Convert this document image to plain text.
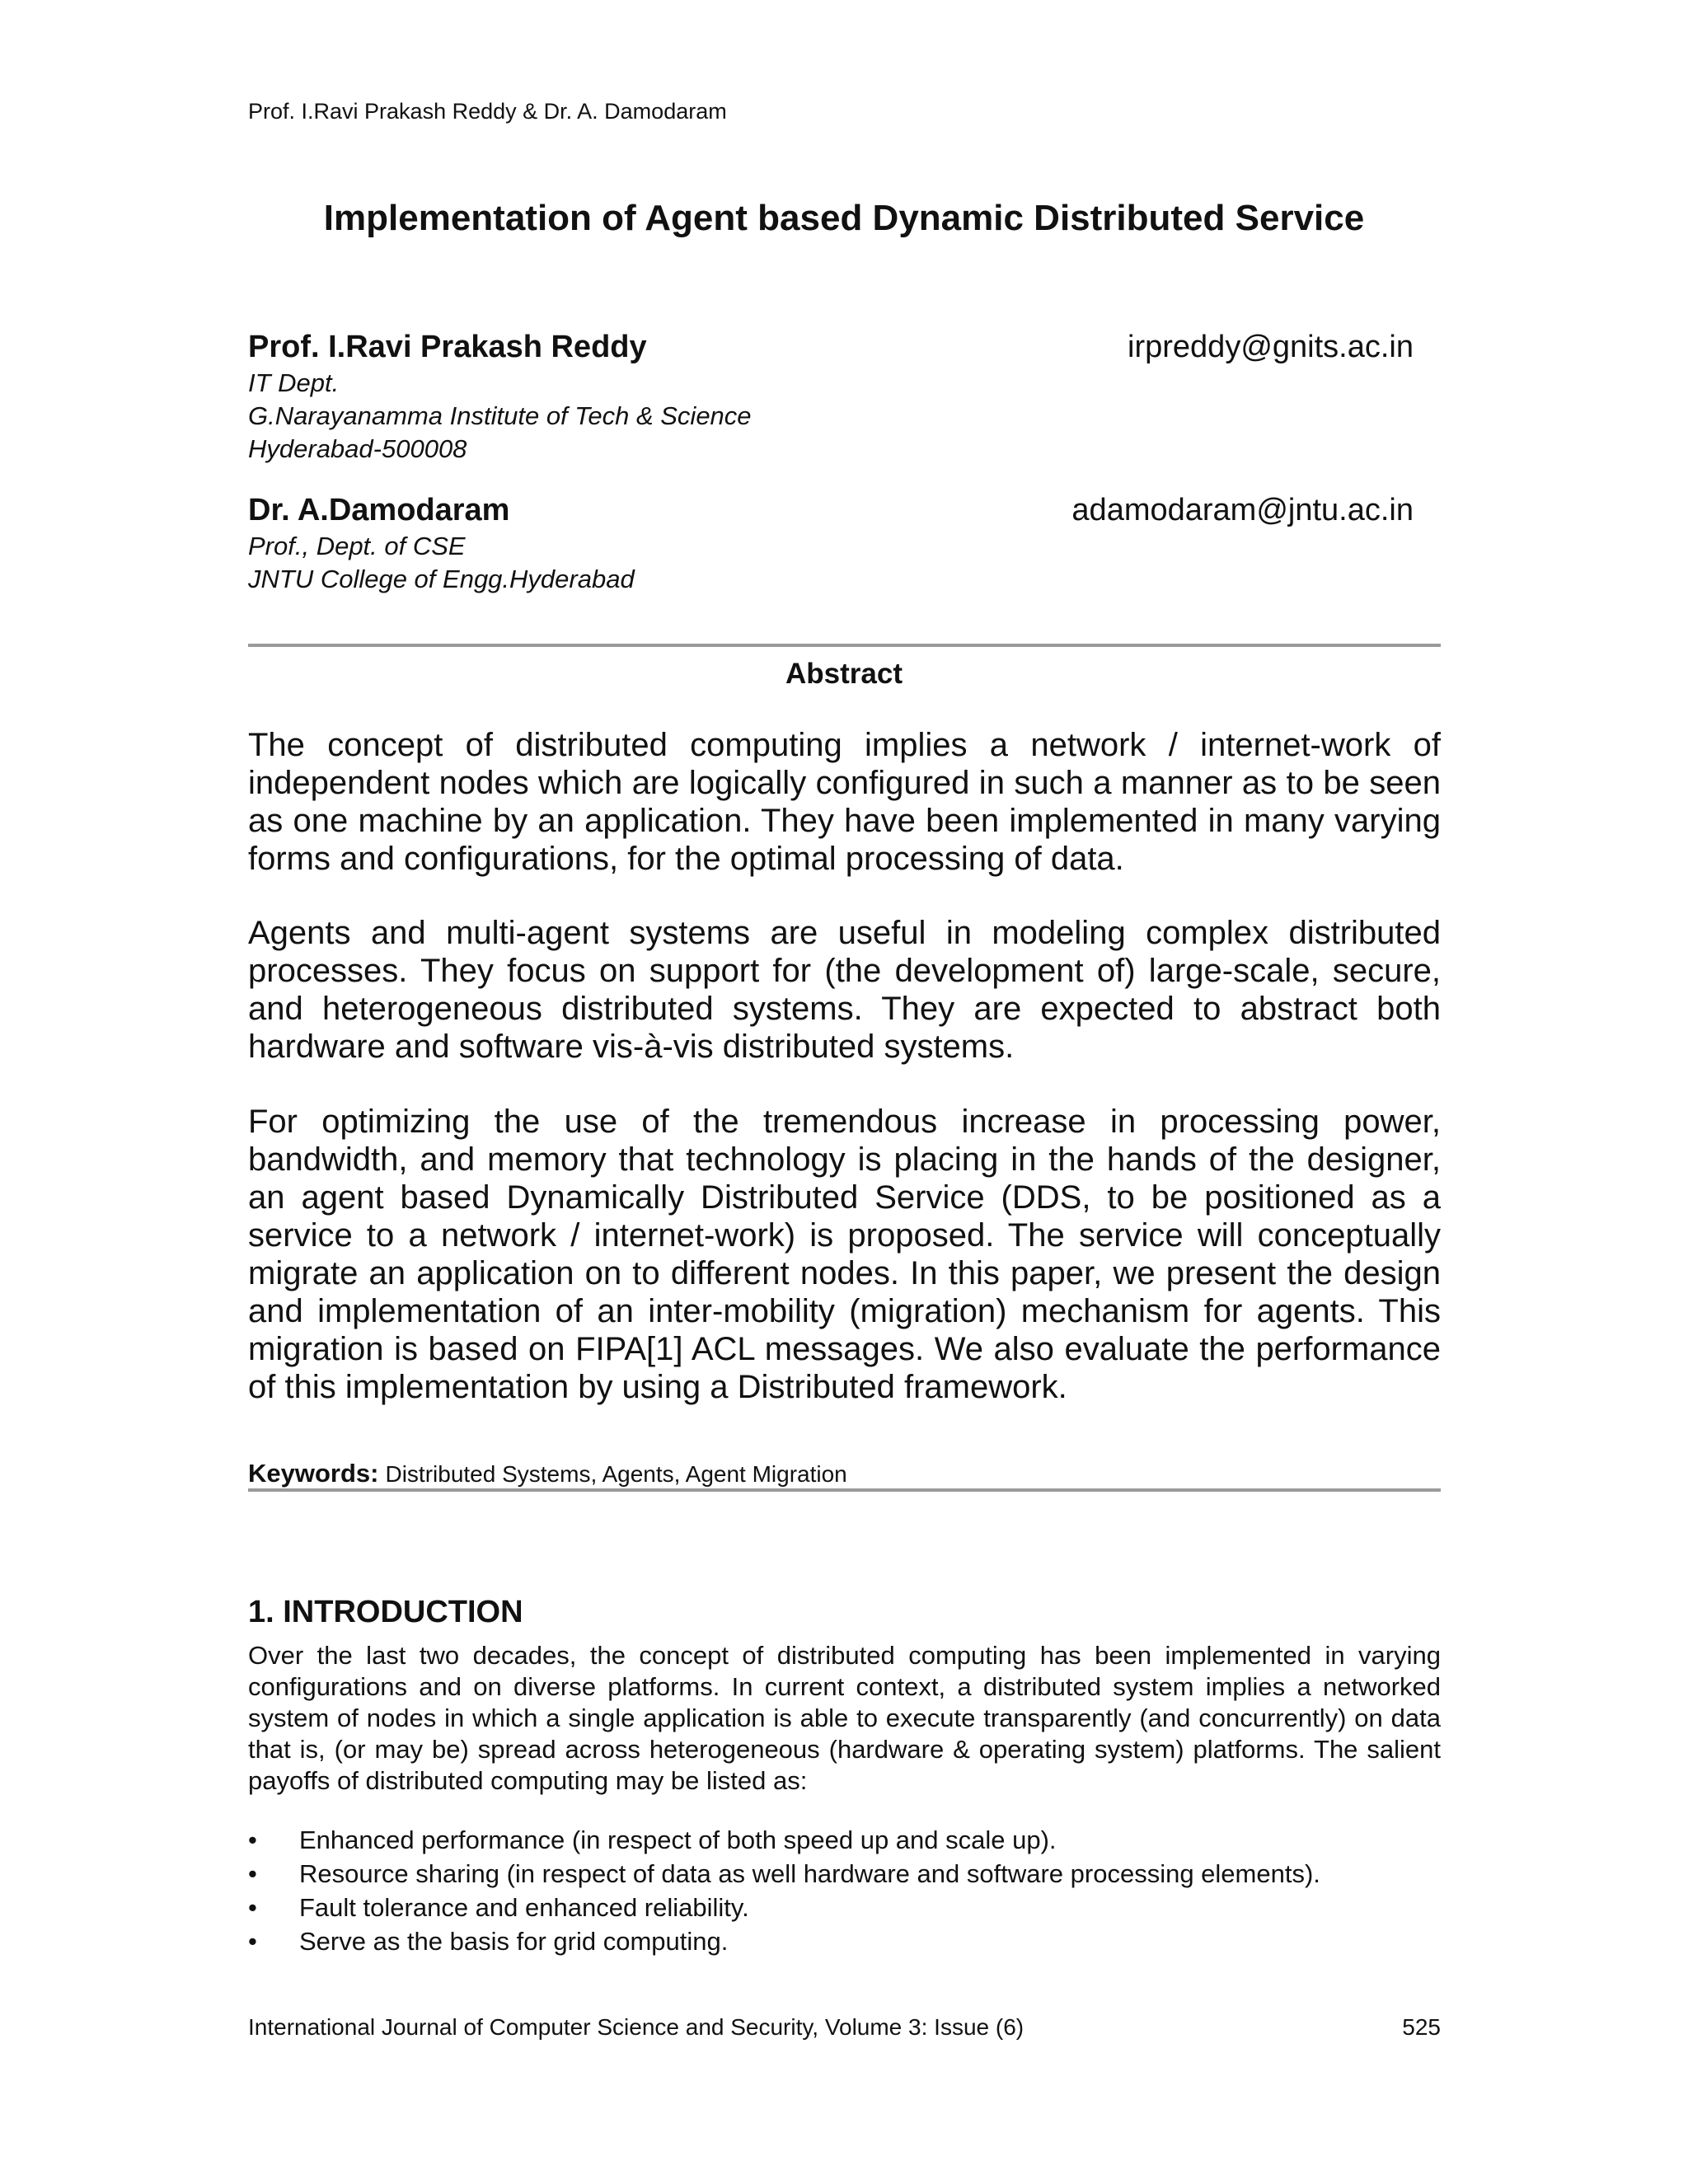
Prof. I.Ravi Prakash Reddy & Dr. A. Damodaram
Implementation of Agent based Dynamic Distributed Service
Prof. I.Ravi Prakash Reddy	irpreddy@gnits.ac.in
IT Dept.
G.Narayanamma Institute of Tech & Science
Hyderabad-500008
Dr. A.Damodaram	adamodaram@jntu.ac.in
Prof., Dept. of CSE
JNTU College of Engg.Hyderabad
Abstract
The concept of distributed computing implies a network / internet-work of independent nodes which are logically configured in such a manner as to be seen as one machine by an application. They have been implemented in many varying forms and configurations, for the optimal processing of data.
Agents and multi-agent systems are useful in modeling complex distributed processes. They focus on support for (the development of) large-scale, secure, and heterogeneous distributed systems. They are expected to abstract both hardware and software vis-à-vis distributed systems.
For optimizing the use of the tremendous increase in processing power, bandwidth, and memory that technology is placing in the hands of the designer, an agent based Dynamically Distributed Service (DDS, to be positioned as a service to a network / internet-work) is proposed. The service will conceptually migrate an application on to different nodes. In this paper, we present the design and implementation of an inter-mobility (migration) mechanism for agents. This migration is based on FIPA[1] ACL messages. We also evaluate the performance of this implementation by using a Distributed framework.
Keywords: Distributed Systems, Agents, Agent Migration
1. INTRODUCTION
Over the last two decades, the concept of distributed computing has been implemented in varying configurations and on diverse platforms. In current context, a distributed system implies a networked system of nodes in which a single application is able to execute transparently (and concurrently) on data that is, (or may be) spread across heterogeneous (hardware & operating system) platforms. The salient payoffs of distributed computing may be listed as:
• Enhanced performance (in respect of both speed up and scale up).
• Resource sharing (in respect of data as well hardware and software processing elements).
• Fault tolerance and enhanced reliability.
• Serve as the basis for grid computing.
International Journal of Computer Science and Security, Volume 3: Issue (6)	525
